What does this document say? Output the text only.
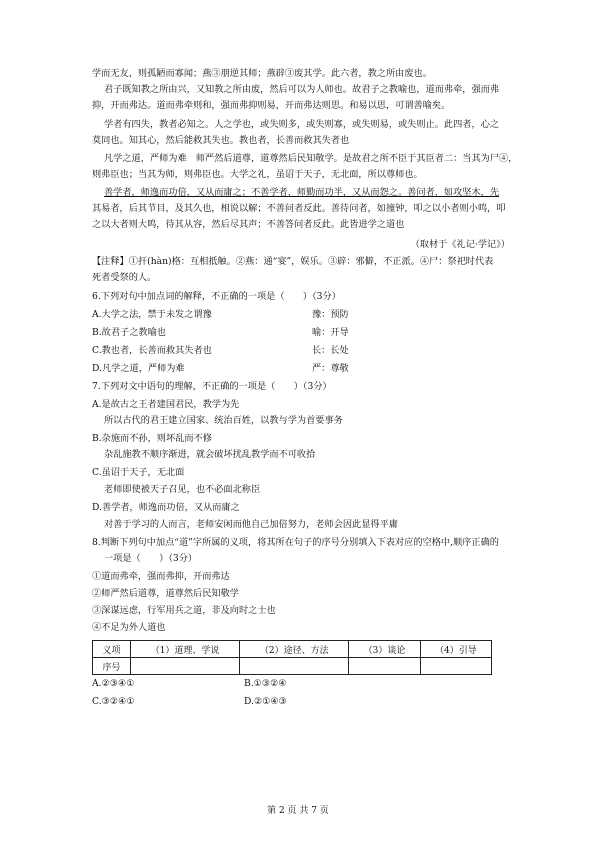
学而无友，则孤陋而寡闻；燕③朋逆其师；燕辟③废其学。此六者，教之所由废也。
君子既知教之所由兴，又知教之所由废，然后可以为人师也。故君子之教喻也，道而弗牵，强而弗
抑，开而弗达。道而弗牵则和，强而弗抑则易，开而弗达则思。和易以思，可谓善喻矣。
学者有四失，教者必知之。人之学也，或失则多，或失则寡，或失则易，或失则止。此四者，心之
莫同也。知其心，然后能救其失也。教也者，长善而救其失者也
凡学之道，严师为难　师严然后道尊，道尊然后民知敬学。是故君之所不臣于其臣者二：当其为尸④，
则弗臣也；当其为师，则弗臣也。大学之礼，虽诏于天子，无北面，所以尊师也。
善学者，师逸而功倍，又从而庸之；不善学者，师勤而功半，又从而怨之。善问者，如攻坚木，先
其易者，后其节目，及其久也，相说以解；不善问者反此。善待问者，如撞钟，叩之以小者则小鸣，叩
之以大者则大鸣，待其从容，然后尽其声；不善答问者反此。此皆进学之道也
（取材于《礼记·学记》）
【注释】①扞(hàn)格：互相抵触。②燕：通“宴”，娱乐。③辟：邪僻，不正派。④尸：祭祀时代表
死者受祭的人。
6.下列对句中加点词的解释，不正确的一项是（　　）（3分）
A.大学之法，禁于未发之谓豫	豫：预防
B.故君子之教喻也	喻：开导
C.教也者，长善而救其失者也	长：长处
D.凡学之道，严师为难	严：尊敬
7.下列对文中语句的理解，不正确的一项是（　　）（3分）
A.是故古之王者建国君民，教学为先
所以古代的君王建立国家、统治百姓，以教与学为首要事务
B.杂施而不孙，则坏乱而不修
杂乱施教不顺序渐进，就会破坏扰乱教学而不可收拾
C.虽诏于天子，无北面
老师即使被天子召见，也不必面北称臣
D.善学者，师逸而功倍，又从而庸之
对善于学习的人而言，老师安闲而他自己加倍努力，老师会因此显得平庸
8.判断下列句中加点“道”字所属的义项，将其所在句子的序号分别填入下表对应的空格中,顺序正确的
一项是（　　）（3分）
①道而弗牵，强而弗抑，开而弗达
②师严然后道尊，道尊然后民知敬学
③深谋远虑，行军用兵之道，非及向时之士也
④不足为外人道也
义项	（1）道理、学说	（2）途径、方法	（3）谈论	（4）引导
序号				
A.②③④①	B.①③②④
C.③②④①	D.②①④③
第 2 页 共 7 页
